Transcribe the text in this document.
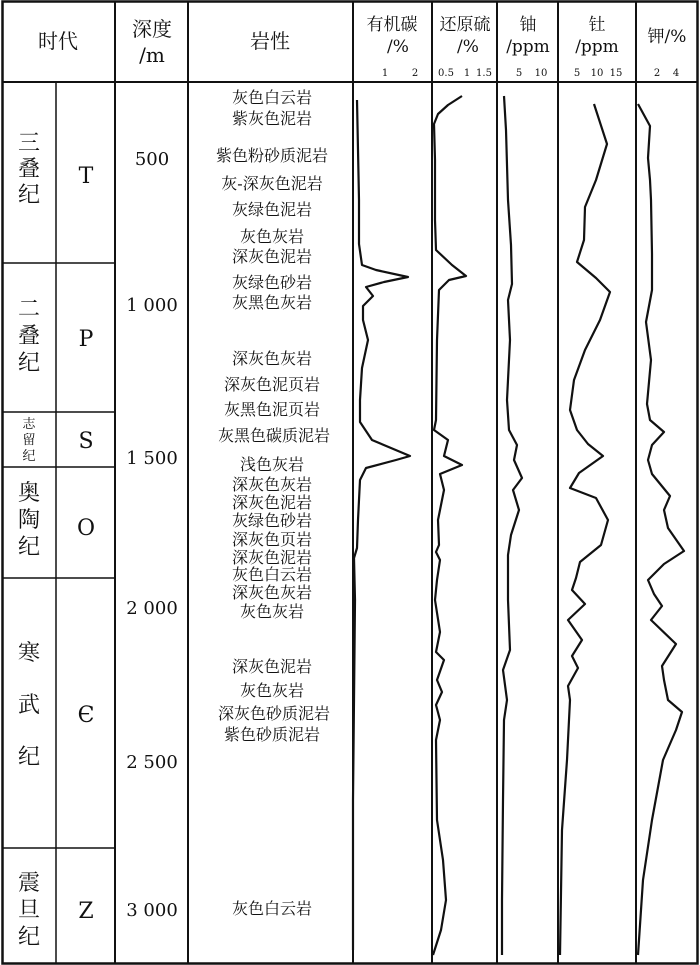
时代	深度
/m
岩性
有机碳
/%
1 2
还原硫
/%
0.5 1 1.5
铀
/ppm
5 10
钍
/ppm
5 10 15
钾/%
2 4
三
叠
纪
二
叠
纪
志
留
纪
奥
陶
纪
寒
武
纪
震
旦
纪
T
P
S
O
Є
Z
500
1 000
1 500
2 000
2 500
3 000
灰色白云岩
紫灰色泥岩
紫色粉砂质泥岩
灰-深灰色泥岩
灰绿色泥岩
灰色灰岩
深灰色泥岩
灰绿色砂岩
灰黑色灰岩
深灰色灰岩
深灰色泥页岩
灰黑色泥页岩
灰黑色碳质泥岩
浅色灰岩
深灰色灰岩
深灰色泥岩
灰绿色砂岩
深灰色页岩
深灰色泥岩
灰色白云岩
深灰色灰岩
灰色灰岩
深灰色泥岩
灰色灰岩
深灰色砂质泥岩
紫色砂质泥岩
灰色白云岩
